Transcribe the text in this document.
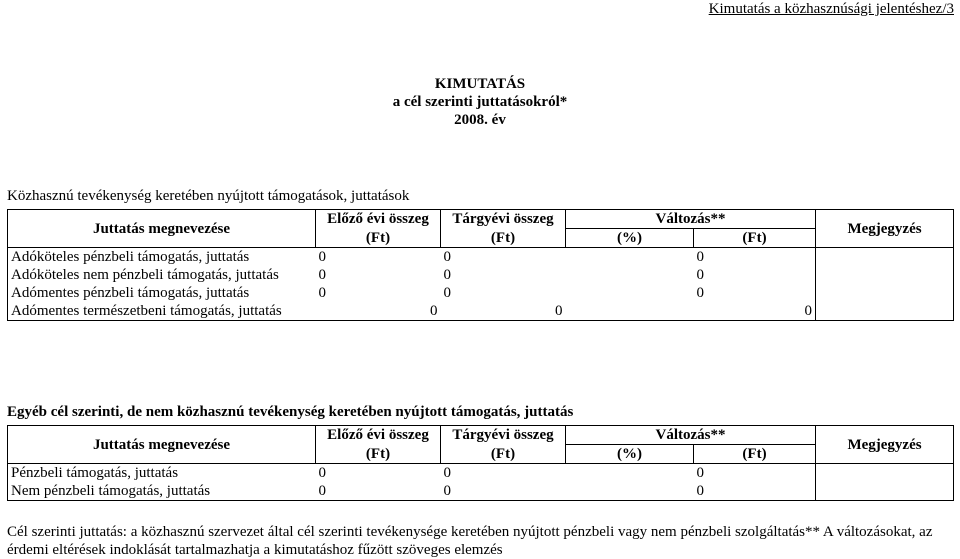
Kimutatás a közhasznúsági jelentéshez/3
KIMUTATÁS
a cél szerinti juttatásokról*
2008. év
Közhasznú tevékenység keretében nyújtott támogatások, juttatások
Juttatás megnevezése	Előző évi összeg	Tárgyévi összeg	Változás**		Megjegyzés
	(Ft)	(Ft)	(%)	(Ft)	
Adóköteles pénzbeli támogatás, juttatás	0	0		0	
Adóköteles nem pénzbeli támogatás, juttatás	0	0		0	
Adómentes pénzbeli támogatás, juttatás	0	0		0	
Adómentes természetbeni támogatás, juttatás	0	0		0	
Egyéb cél szerinti, de nem közhasznú tevékenység keretében nyújtott támogatás, juttatás
Juttatás megnevezése	Előző évi összeg	Tárgyévi összeg	Változás**		Megjegyzés
	(Ft)	(Ft)	(%)	(Ft)	
Pénzbeli támogatás, juttatás	0	0		0	
Nem pénzbeli támogatás, juttatás	0	0		0	
Cél szerinti juttatás: a közhasznú szervezet által cél szerinti tevékenysége keretében nyújtott pénzbeli vagy nem pénzbeli szolgáltatás** A változásokat, az érdemi eltérések indoklását tartalmazhatja a kimutatáshoz fűzött szöveges elemzés
